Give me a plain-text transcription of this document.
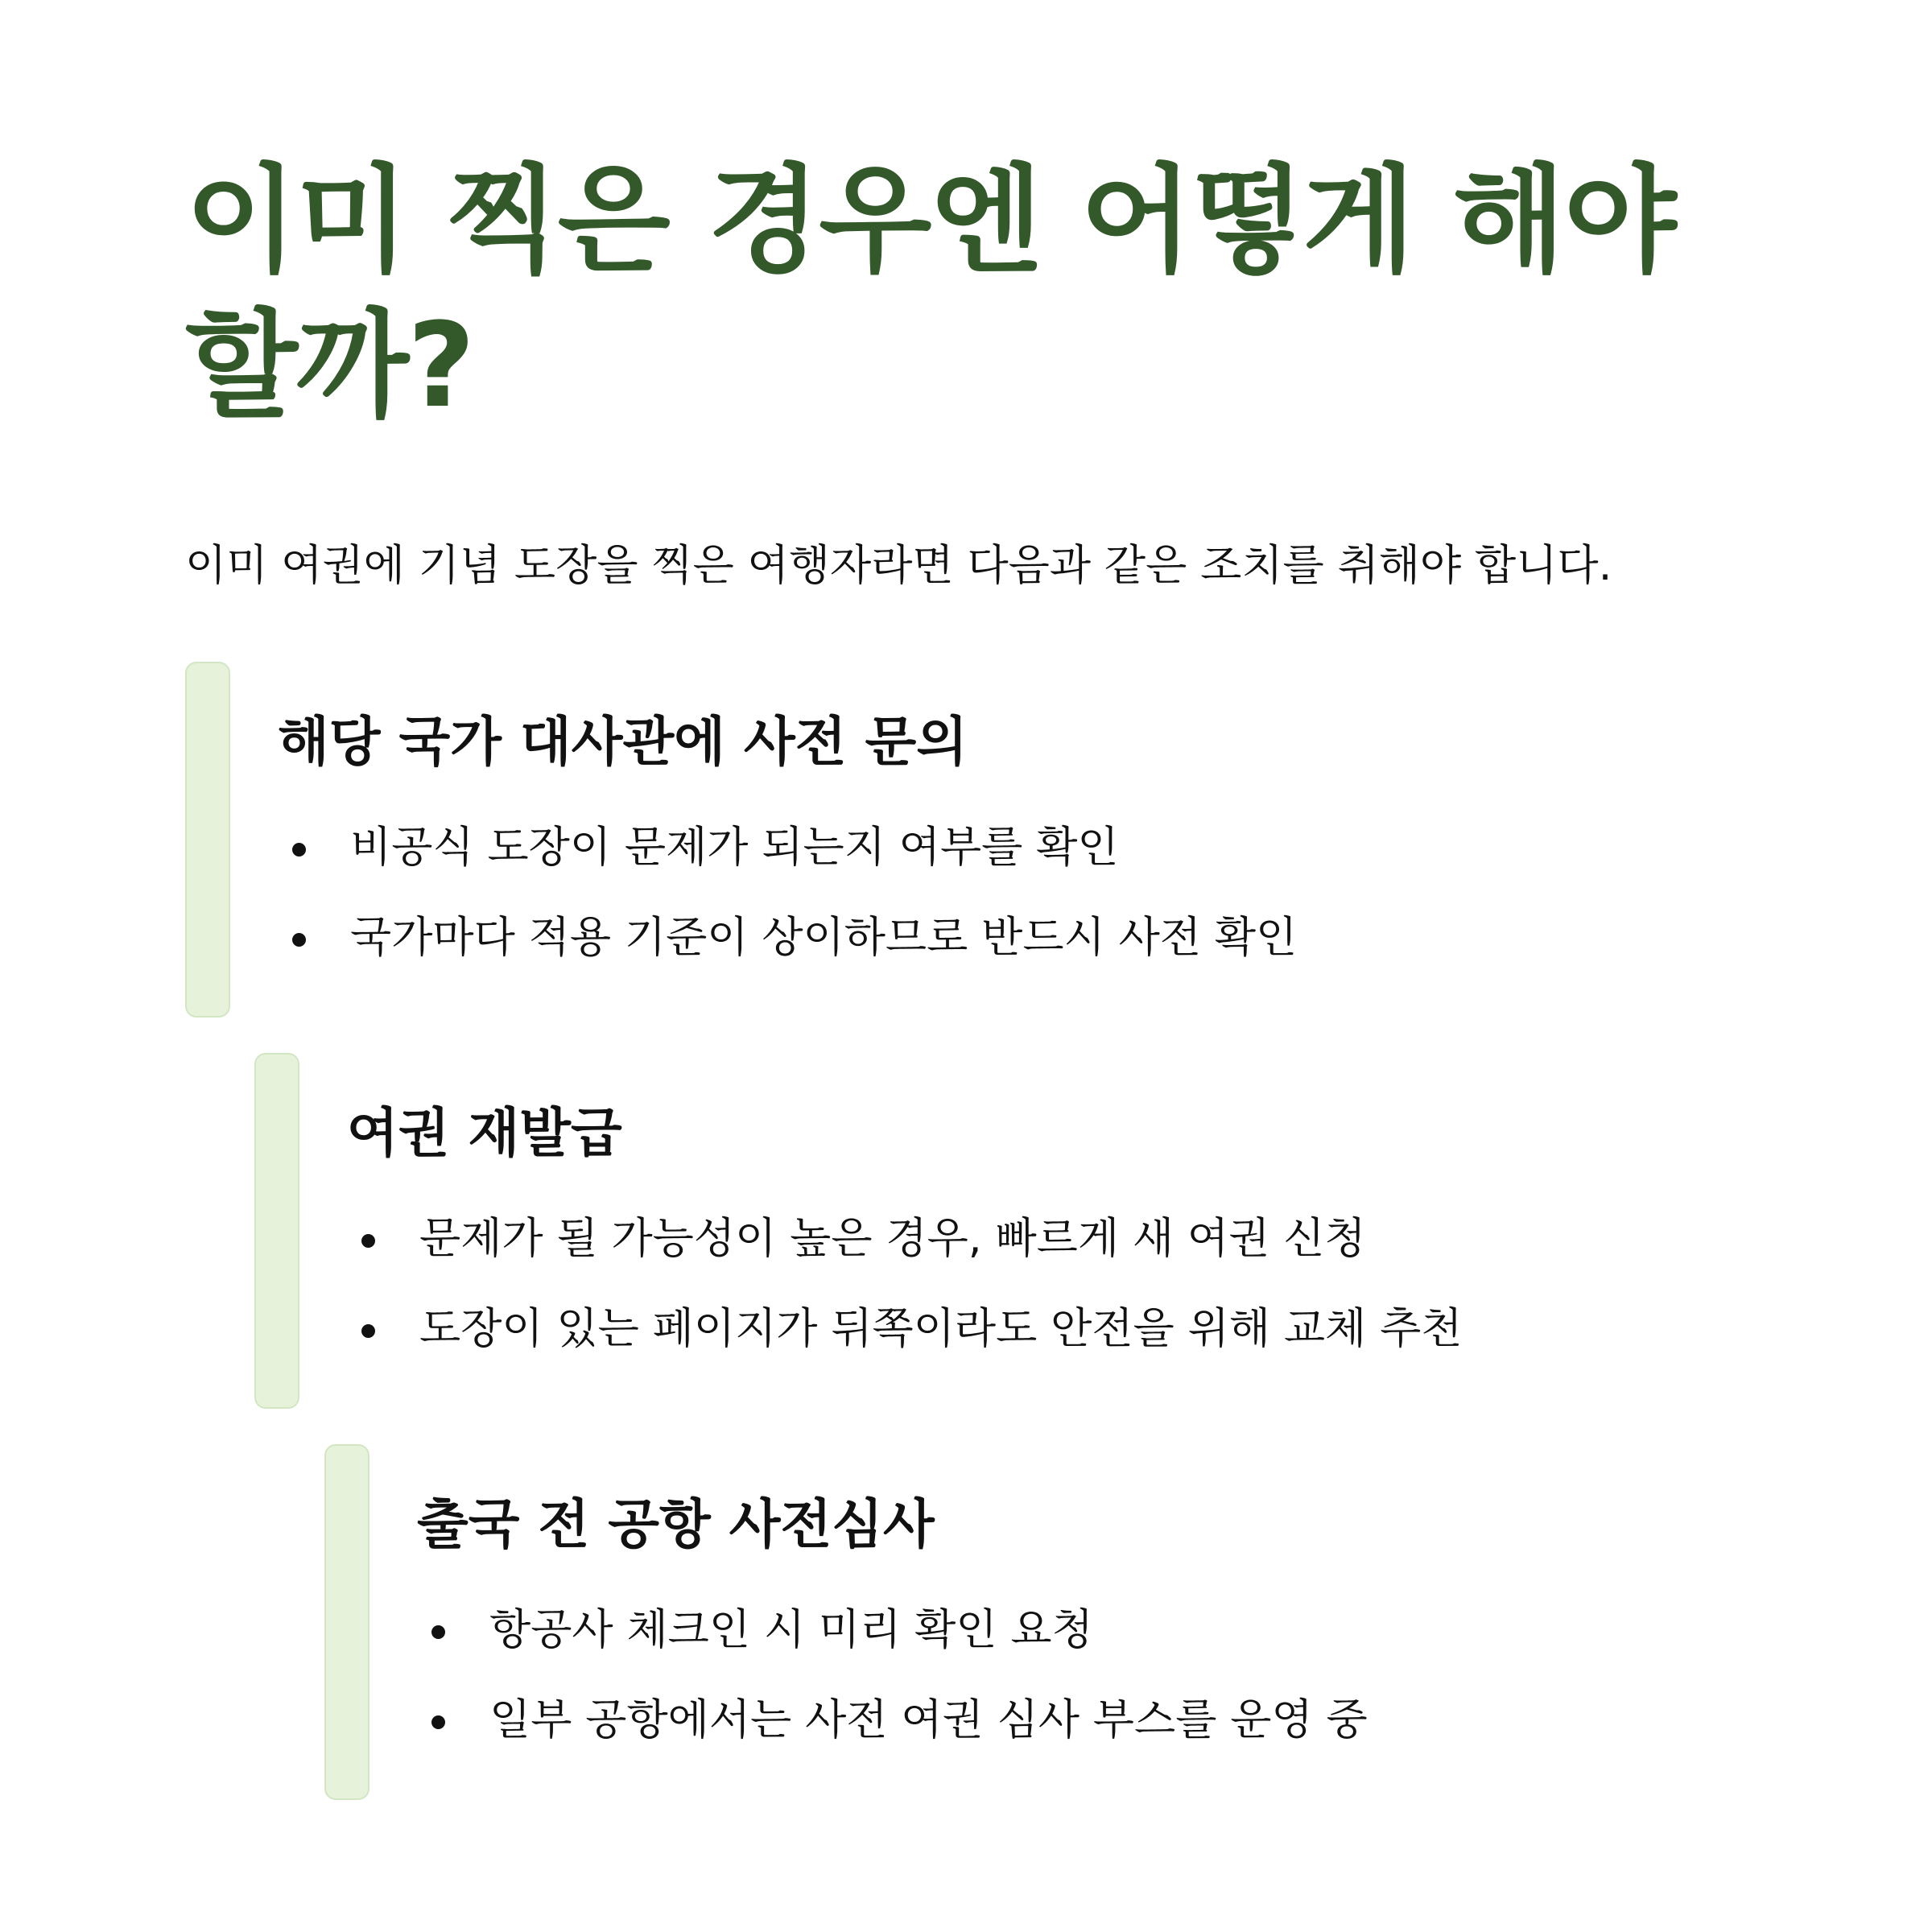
이미 찍은 경우엔 어떻게 해야 할까?

이미 여권에 기념 도장을 찍은 여행자라면 다음과 같은 조치를 취해야 합니다.

해당 국가 대사관에 사전 문의
비공식 도장이 문제가 되는지 여부를 확인
국가마다 적용 기준이 상이하므로 반드시 사전 확인
여권 재발급
문제가 될 가능성이 높은 경우, 빠르게 새 여권 신청
도장이 있는 페이지가 뒤쪽이라도 안전을 위해 교체 추천
출국 전 공항 사전심사
항공사 체크인 시 미리 확인 요청
일부 공항에서는 사전 여권 심사 부스를 운영 중
